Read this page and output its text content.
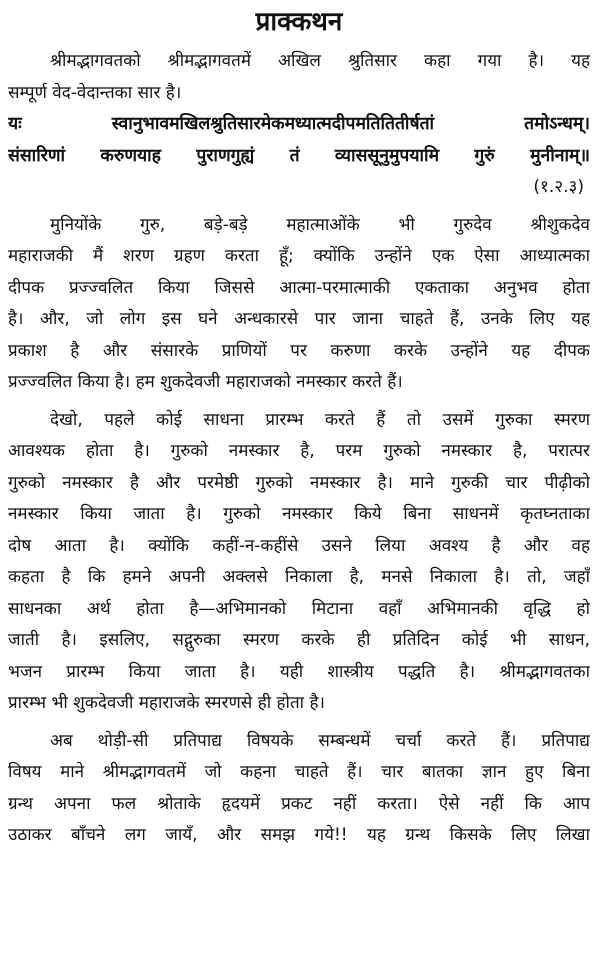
प्राक्कथन
श्रीमद्भागवतको श्रीमद्भागवतमें अखिल श्रुतिसार कहा गया है। यह
सम्पूर्ण वेद-वेदान्तका सार है।
यः स्वानुभावमखिलश्रुतिसारमेकमध्यात्मदीपमतितितीर्षतां तमोऽन्धम्।
संसारिणां करुणयाह पुराणगुह्यं तं व्याससूनुमुपयामि गुरुं मुनीनाम्॥
(१.२.३)
मुनियोंके गुरु, बड़े-बड़े महात्माओंके भी गुरुदेव श्रीशुकदेव
महाराजकी मैं शरण ग्रहण करता हूँ; क्योंकि उन्होंने एक ऐसा आध्यात्मका
दीपक प्रज्ज्वलित किया जिससे आत्मा-परमात्माकी एकताका अनुभव होता
है। और, जो लोग इस घने अन्धकारसे पार जाना चाहते हैं, उनके लिए यह
प्रकाश है और संसारके प्राणियों पर करुणा करके उन्होंने यह दीपक
प्रज्ज्वलित किया है। हम शुकदेवजी महाराजको नमस्कार करते हैं।
देखो, पहले कोई साधना प्रारम्भ करते हैं तो उसमें गुरुका स्मरण
आवश्यक होता है। गुरुको नमस्कार है, परम गुरुको नमस्कार है, परात्पर
गुरुको नमस्कार है और परमेष्ठी गुरुको नमस्कार है। माने गुरुकी चार पीढ़ीको
नमस्कार किया जाता है। गुरुको नमस्कार किये बिना साधनमें कृतघ्नताका
दोष आता है। क्योंकि कहीं-न-कहींसे उसने लिया अवश्य है और वह
कहता है कि हमने अपनी अक्लसे निकाला है, मनसे निकाला है। तो, जहाँ
साधनका अर्थ होता है—अभिमानको मिटाना वहाँ अभिमानकी वृद्धि हो
जाती है। इसलिए, सद्गुरुका स्मरण करके ही प्रतिदिन कोई भी साधन,
भजन प्रारम्भ किया जाता है। यही शास्त्रीय पद्धति है। श्रीमद्भागवतका
प्रारम्भ भी शुकदेवजी महाराजके स्मरणसे ही होता है।
अब थोड़ी-सी प्रतिपाद्य विषयके सम्बन्धमें चर्चा करते हैं। प्रतिपाद्य
विषय माने श्रीमद्भागवतमें जो कहना चाहते हैं। चार बातका ज्ञान हुए बिना
ग्रन्थ अपना फल श्रोताके हृदयमें प्रकट नहीं करता। ऐसे नहीं कि आप
उठाकर बाँचने लग जायँ, और समझ गये!! यह ग्रन्थ किसके लिए लिखा
